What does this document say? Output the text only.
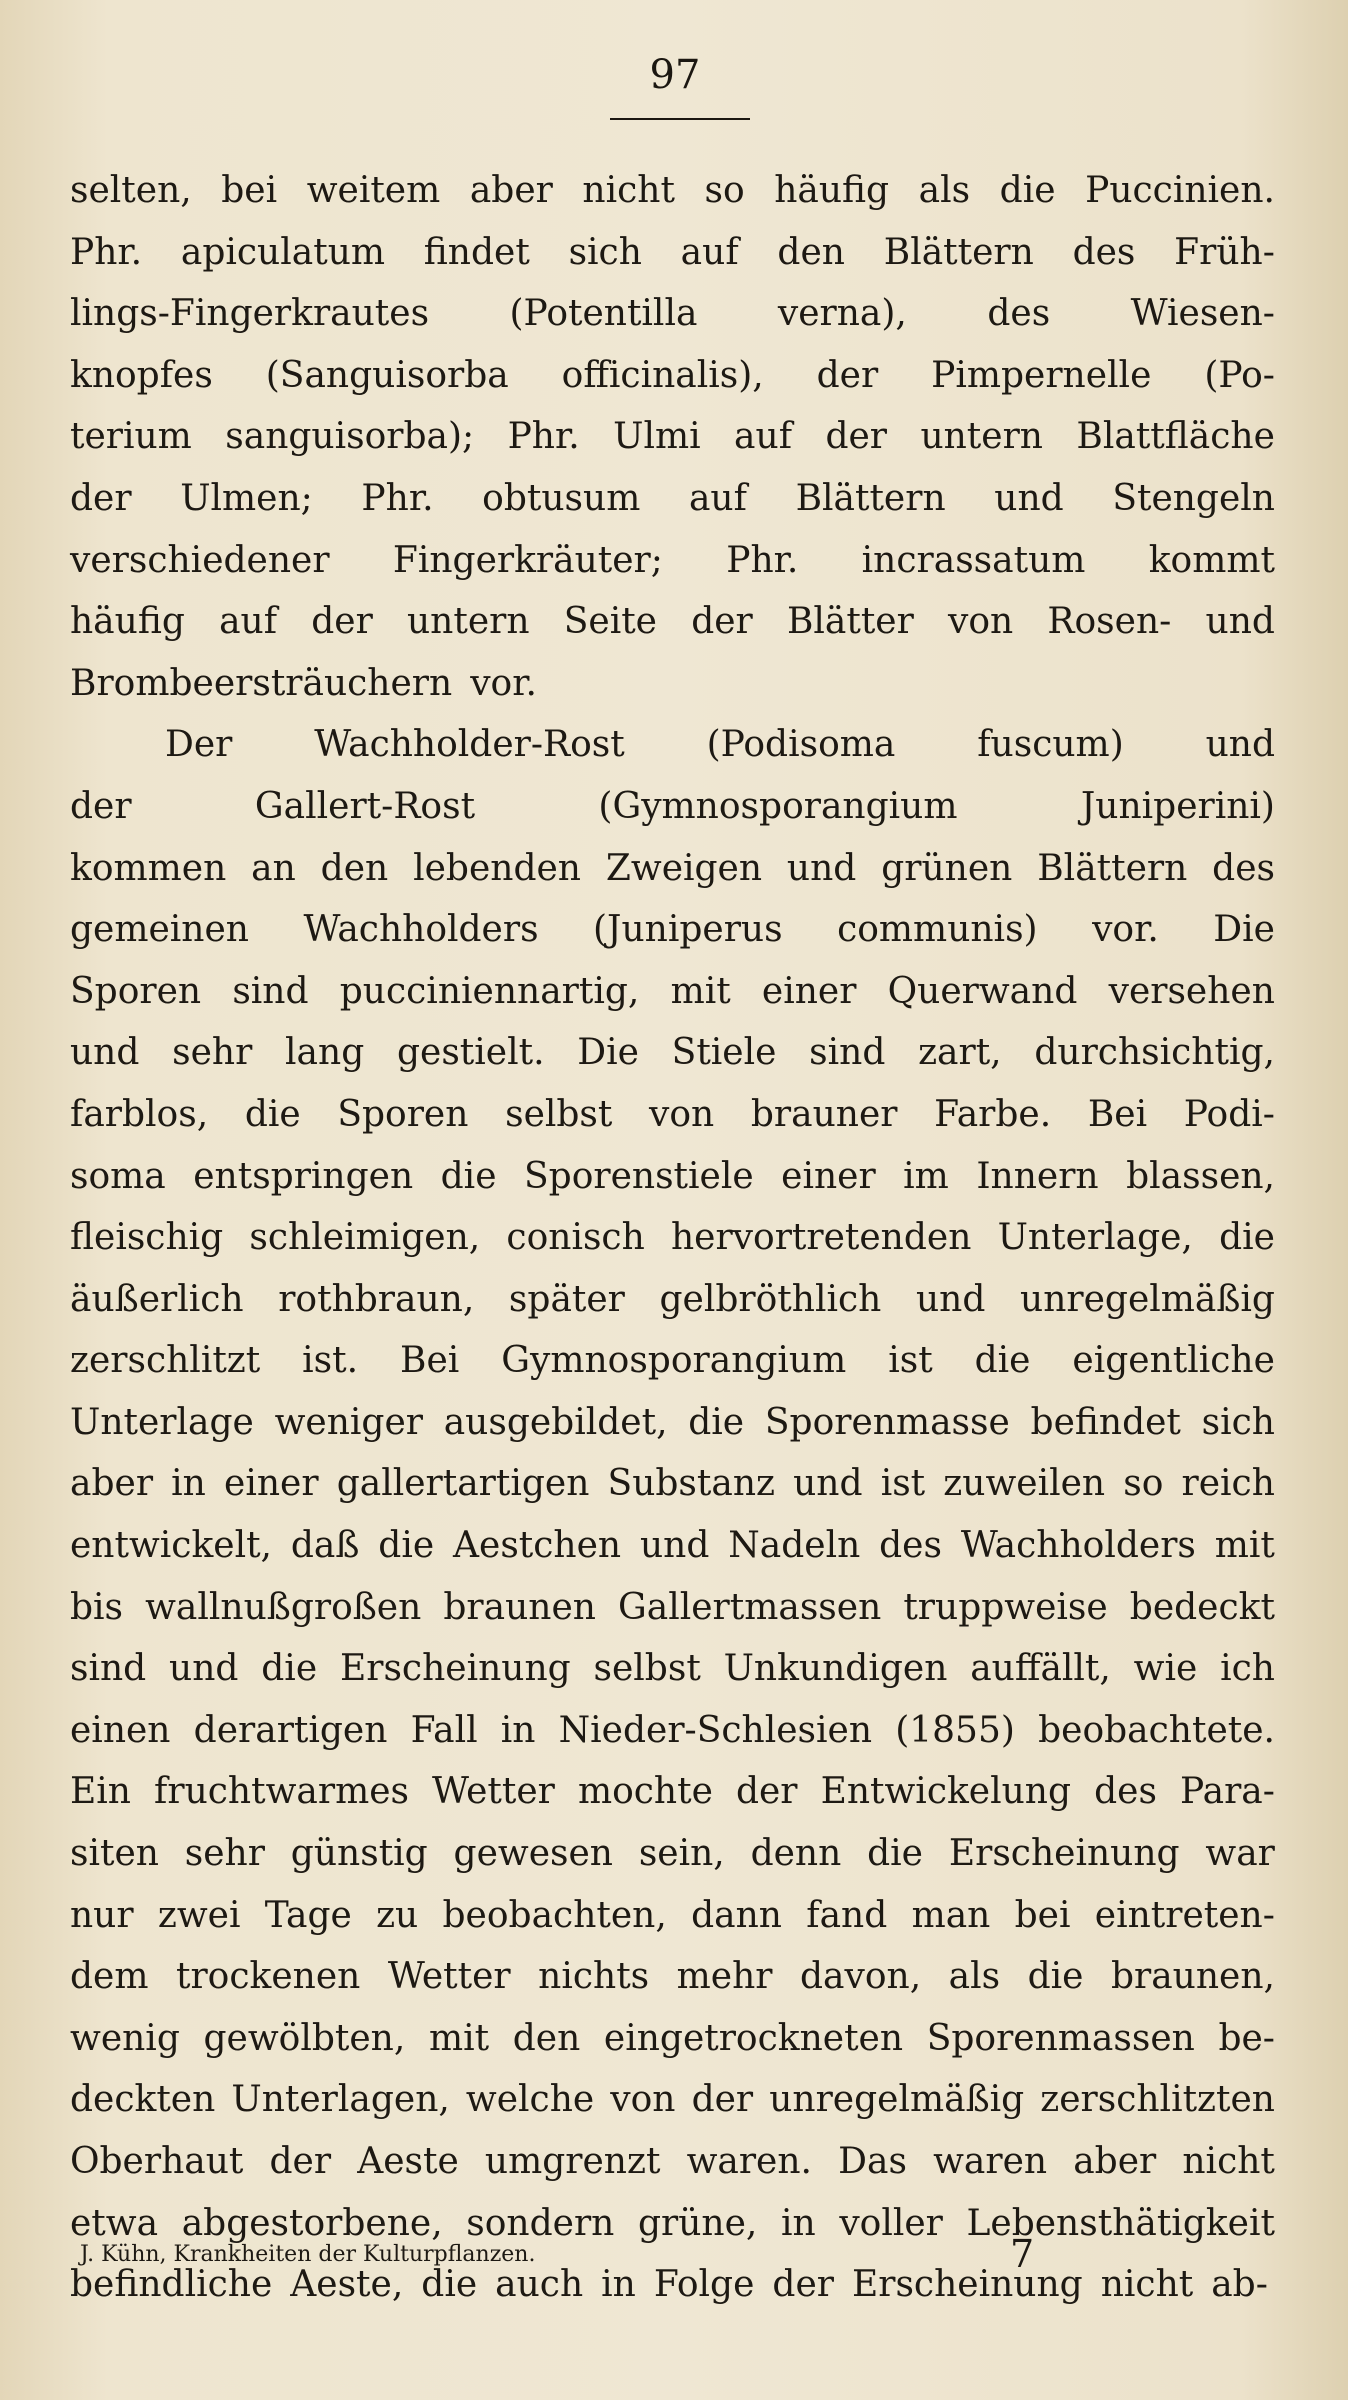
97
selten, bei weitem aber nicht so häufig als die Puccinien.
Phr. apiculatum findet sich auf den Blättern des Früh-
lings-Fingerkrautes (Potentilla verna), des Wiesen-
knopfes (Sanguisorba officinalis), der Pimpernelle (Po-
terium sanguisorba); Phr. Ulmi auf der untern Blattfläche
der Ulmen; Phr. obtusum auf Blättern und Stengeln
verschiedener Fingerkräuter; Phr. incrassatum kommt
häufig auf der untern Seite der Blätter von Rosen- und
Brombeersträuchern vor.
Der Wachholder-Rost (Podisoma fuscum) und
der	Gallert-Rost	(Gymnosporangium	Juniperini)
kommen an den lebenden Zweigen und grünen Blättern des
gemeinen Wachholders (Juniperus communis) vor. Die
Sporen sind pucciniennartig, mit einer Querwand versehen
und sehr lang gestielt. Die Stiele sind zart, durchsichtig,
farblos, die Sporen selbst von brauner Farbe. Bei Podi-
soma entspringen die Sporenstiele einer im Innern blassen,
fleischig schleimigen, conisch hervortretenden Unterlage, die
äußerlich rothbraun, später gelbröthlich und unregelmäßig
zerschlitzt ist. Bei Gymnosporangium ist die eigentliche
Unterlage weniger ausgebildet, die Sporenmasse befindet sich
aber in einer gallertartigen Substanz und ist zuweilen so reich
entwickelt, daß die Aestchen und Nadeln des Wachholders mit
bis wallnußgroßen braunen Gallertmassen truppweise bedeckt
sind und die Erscheinung selbst Unkundigen auffällt, wie ich
einen derartigen Fall in Nieder-Schlesien (1855) beobachtete.
Ein fruchtwarmes Wetter mochte der Entwickelung des Para-
siten sehr günstig gewesen sein, denn die Erscheinung war
nur zwei Tage zu beobachten, dann fand man bei eintreten-
dem trockenen Wetter nichts mehr davon, als die braunen,
wenig gewölbten, mit den eingetrockneten Sporenmassen be-
deckten Unterlagen, welche von der unregelmäßig zerschlitzten
Oberhaut der Aeste umgrenzt waren. Das waren aber nicht
etwa abgestorbene, sondern grüne, in voller Lebensthätigkeit
befindliche Aeste, die auch in Folge der Erscheinung nicht ab-
J. Kühn, Krankheiten der Kulturpflanzen.	7
